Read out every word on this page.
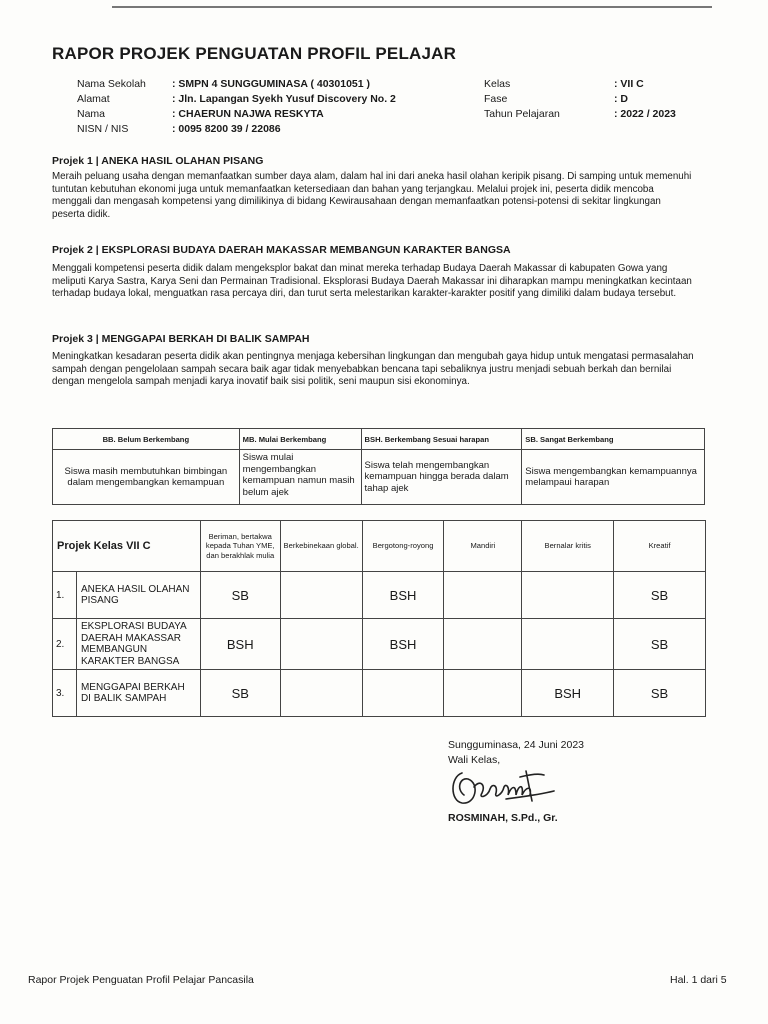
RAPOR PROJEK PENGUATAN PROFIL PELAJAR
Nama Sekolah : SMPN 4 SUNGGUMINASA ( 40301051 )
Alamat	: Jln. Lapangan Syekh Yusuf Discovery No. 2
Nama	: CHAERUN NAJWA RESKYTA
NISN / NIS	: 0095 8200 39 / 22086
Kelas	: VII C
Fase	: D
Tahun Pelajaran	: 2022 / 2023
Projek 1 | ANEKA HASIL OLAHAN PISANG
Meraih peluang usaha dengan memanfaatkan sumber daya alam, dalam hal ini dari aneka hasil olahan keripik pisang. Di samping untuk memenuhi tuntutan kebutuhan ekonomi juga untuk memanfaatkan ketersediaan dan bahan yang terjangkau. Melalui projek ini, peserta didik mencoba menggali dan mengasah kompetensi yang dimilikinya di bidang Kewirausahaan dengan memanfaatkan potensi-potensi di sekitar lingkungan peserta didik.
Projek 2 | EKSPLORASI BUDAYA DAERAH MAKASSAR MEMBANGUN KARAKTER BANGSA
Menggali kompetensi peserta didik dalam mengeksplor bakat dan minat mereka terhadap Budaya Daerah Makassar di kabupaten Gowa yang meliputi Karya Sastra, Karya Seni dan Permainan Tradisional. Eksplorasi Budaya Daerah Makassar ini diharapkan mampu meningkatkan kecintaan terhadap budaya lokal, menguatkan rasa percaya diri, dan turut serta melestarikan karakter-karakter positif yang dimiliki dalam budaya tersebut.
Projek 3 | MENGGAPAI BERKAH DI BALIK SAMPAH
Meningkatkan kesadaran peserta didik akan pentingnya menjaga kebersihan lingkungan dan mengubah gaya hidup untuk mengatasi permasalahan sampah dengan pengelolaan sampah secara baik agar tidak menyebabkan bencana tapi sebaliknya justru menjadi sebuah berkah dan bernilai dengan mengelola sampah menjadi karya inovatif baik sisi politik, seni maupun sisi ekonominya.
BB. Belum Berkembang	MB. Mulai Berkembang	BSH. Berkembang Sesuai harapan	SB. Sangat Berkembang
Siswa masih membutuhkan bimbingan dalam mengembangkan kemampuan	Siswa mulai mengembangkan kemampuan namun masih belum ajek	Siswa telah mengembangkan kemampuan hingga berada dalam tahap ajek	Siswa mengembangkan kemampuannya melampaui harapan
Projek Kelas VII C		Beriman, bertakwa kepada Tuhan YME, dan berakhlak mulia	Berkebinekaan global.	Bergotong-royong	Mandiri	Bernalar kritis	Kreatif
1.	ANEKA HASIL OLAHAN PISANG	SB		BSH			SB
2.	EKSPLORASI BUDAYA DAERAH MAKASSAR MEMBANGUN KARAKTER BANGSA	BSH		BSH			SB
3.	MENGGAPAI BERKAH DI BALIK SAMPAH	SB				BSH	SB
Sungguminasa, 24 Juni 2023
Wali Kelas,
ROSMINAH, S.Pd., Gr.
Rapor Projek Penguatan Profil Pelajar Pancasila	Hal. 1 dari 5
